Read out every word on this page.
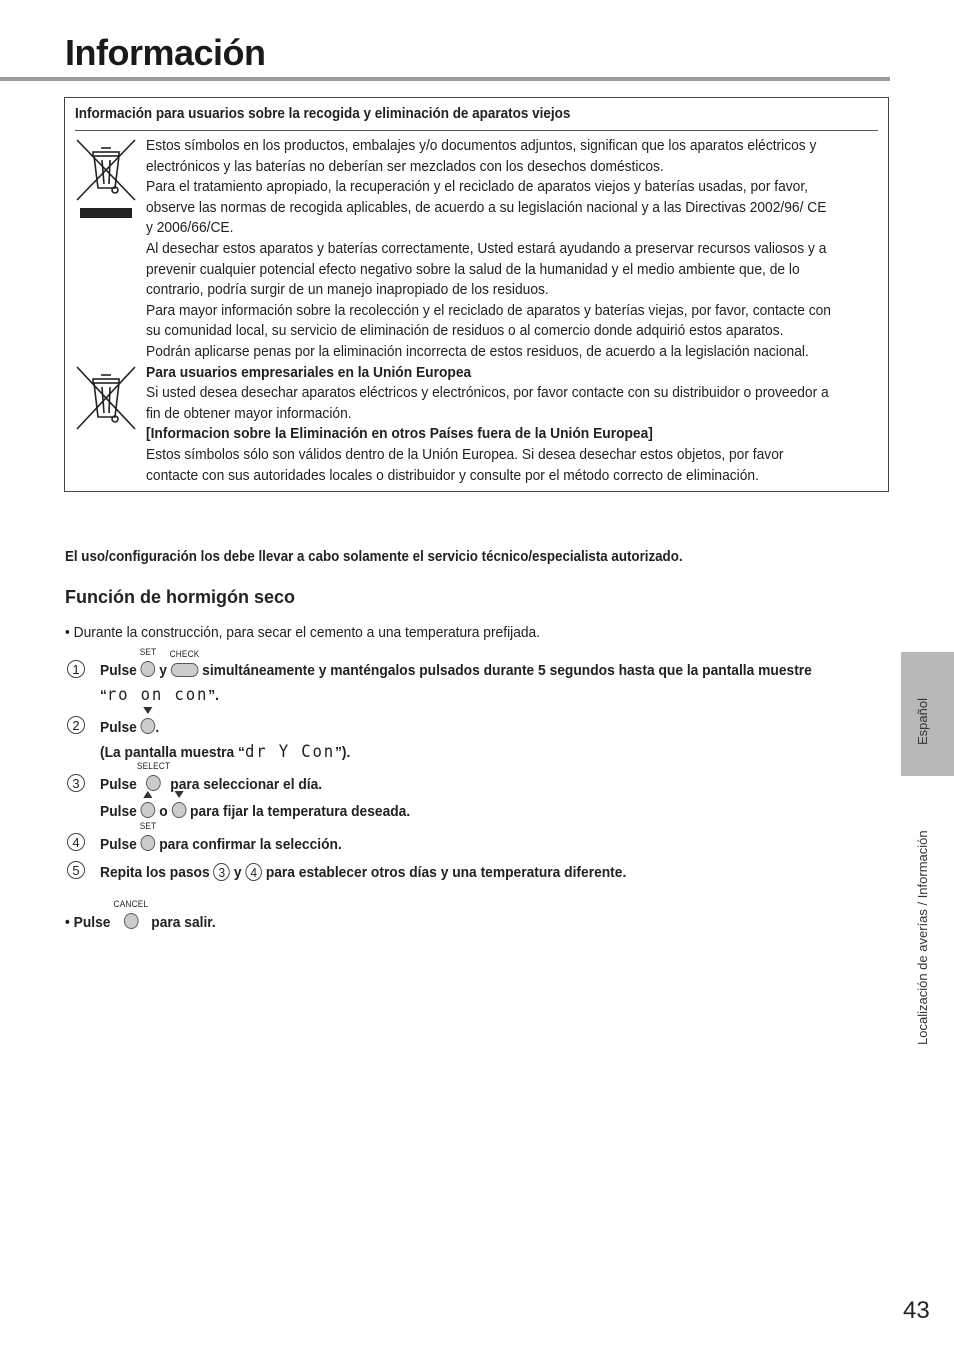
Información
Información para usuarios sobre la recogida y eliminación de aparatos viejos

Estos símbolos en los productos, embalajes y/o documentos adjuntos, significan que los aparatos eléctricos y electrónicos y las baterías no deberían ser mezclados con los desechos domésticos.

Para el tratamiento apropiado, la recuperación y el reciclado de aparatos viejos y baterías usadas, por favor, observe las normas de recogida aplicables, de acuerdo a su legislación nacional y a las Directivas 2002/96/ CE y 2006/66/CE.

Al desechar estos aparatos y baterías correctamente, Usted estará ayudando a preservar recursos valiosos y a prevenir cualquier potencial efecto negativo sobre la salud de la humanidad y el medio ambiente que, de lo contrario, podría surgir de un manejo inapropiado de los residuos.

Para mayor información sobre la recolección y el reciclado de aparatos y baterías viejas, por favor, contacte con su comunidad local, su servicio de eliminación de residuos o al comercio donde adquirió estos aparatos.

Podrán aplicarse penas por la eliminación incorrecta de estos residuos, de acuerdo a la legislación nacional.

Para usuarios empresariales en la Unión Europea

Si usted desea desechar aparatos eléctricos y electrónicos, por favor contacte con su distribuidor o proveedor a fin de obtener mayor información.

[Informacion sobre la Eliminación en otros Países fuera de la Unión Europea]

Estos símbolos sólo son válidos dentro de la Unión Europea. Si desea desechar estos objetos, por favor contacte con sus autoridades locales o distribuidor y consulte por el método correcto de eliminación.

El uso/configuración los debe llevar a cabo solamente el servicio técnico/especialista autorizado.
Función de hormigón seco
• Durante la construcción, para secar el cemento a una temperatura prefijada.
1	Pulse
SET
y
CHECK
simultáneamente y manténgalos pulsados durante 5 segundos hasta que la pantalla muestre
“ro on con”.
2	Pulse .
(La pantalla muestra “dr Y Con”).
3	Pulse
SELECT
para seleccionar el día.
Pulse o para fijar la temperatura deseada.
4	Pulse
SET
para confirmar la selección.
5	Repita los pasos 3 y 4 para establecer otros días y una temperatura diferente.
• Pulse
CANCEL
para salir.
Español
Localización de averías / Información
43
